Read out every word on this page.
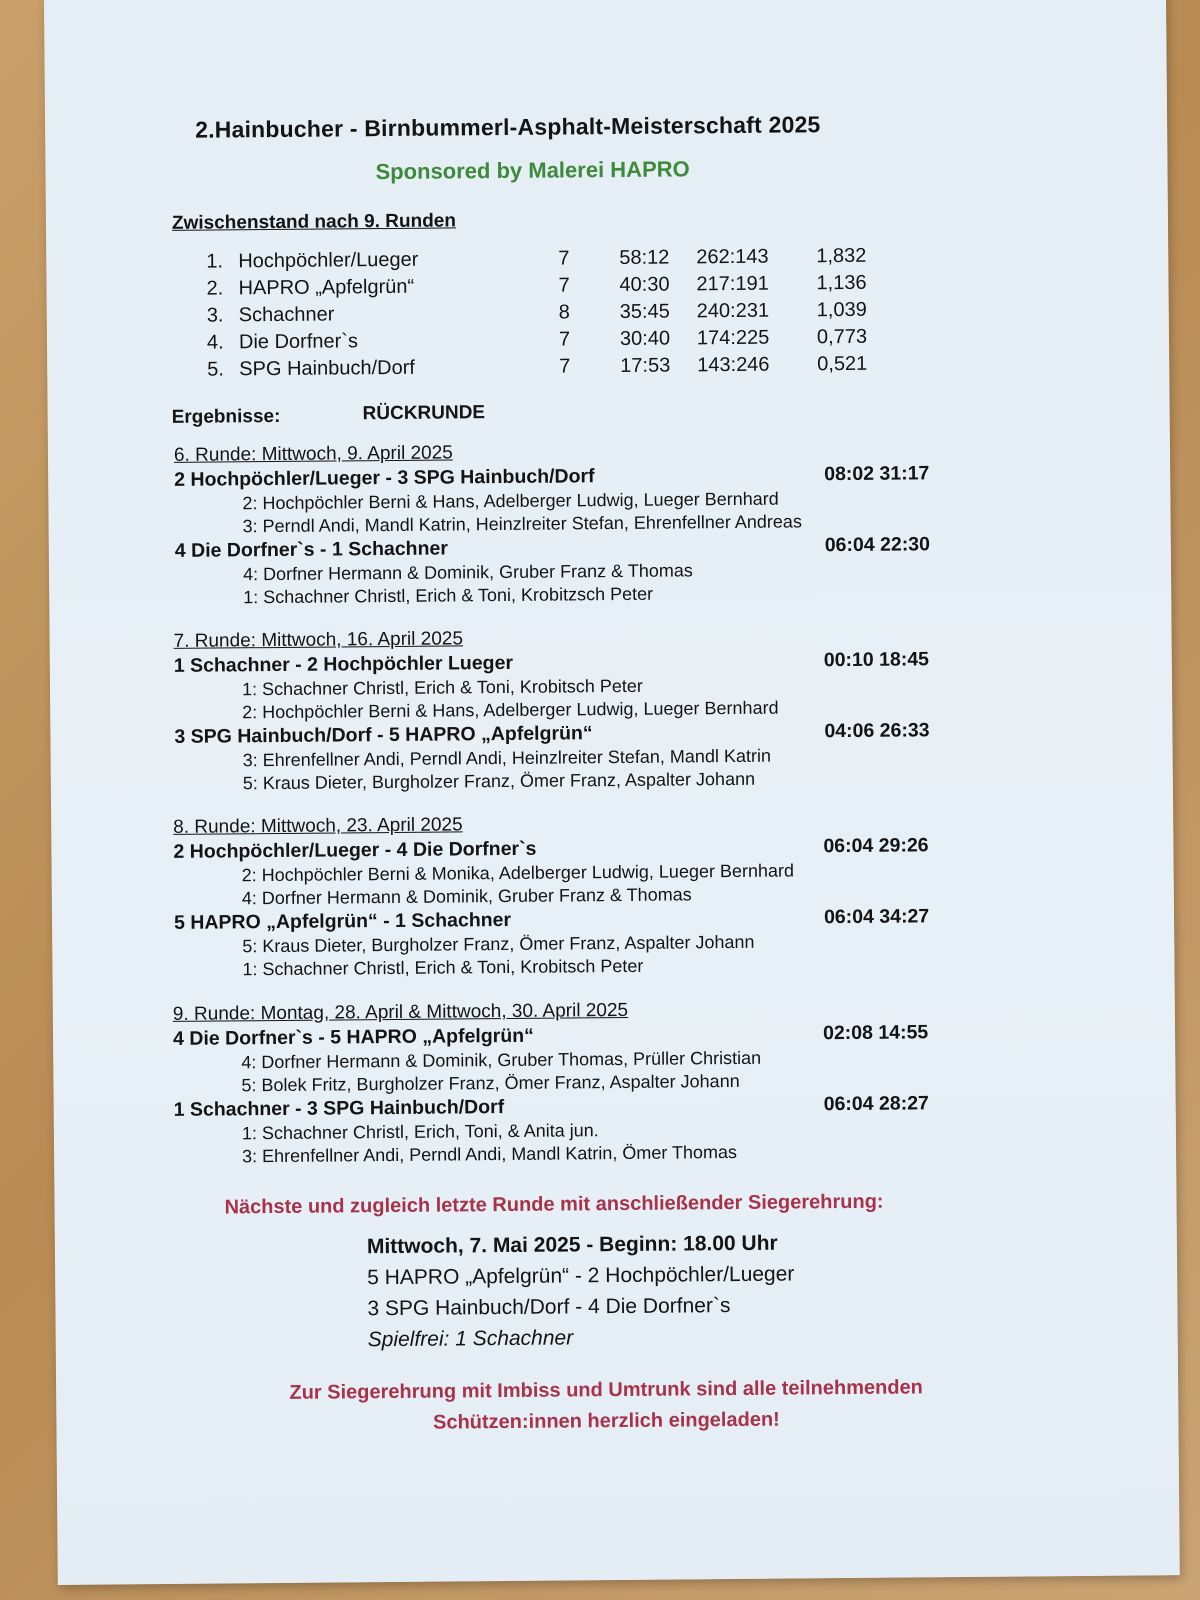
2.Hainbucher - Birnbummerl-Asphalt-Meisterschaft 2025
Sponsored by Malerei HAPRO
Zwischenstand nach 9. Runden
1. Hochpöchler/Lueger	7 58:12 262:143 1,832
2. HAPRO „Apfelgrün“	7 40:30 217:191 1,136
3. Schachner	8 35:45 240:231 1,039
4. Die Dorfner`s	7 30:40 174:225 0,773
5. SPG Hainbuch/Dorf	7 17:53 143:246 0,521
Ergebnisse:	RÜCKRUNDE
6. Runde: Mittwoch, 9. April 2025
2 Hochpöchler/Lueger - 3 SPG Hainbuch/Dorf	08:02 31:17
2: Hochpöchler Berni & Hans, Adelberger Ludwig, Lueger Bernhard
3: Perndl Andi, Mandl Katrin, Heinzlreiter Stefan, Ehrenfellner Andreas
4 Die Dorfner`s - 1 Schachner	06:04 22:30
4: Dorfner Hermann & Dominik, Gruber Franz & Thomas
1: Schachner Christl, Erich & Toni, Krobitzsch Peter
7. Runde: Mittwoch, 16. April 2025
1 Schachner - 2 Hochpöchler Lueger	00:10 18:45
1: Schachner Christl, Erich & Toni, Krobitsch Peter
2: Hochpöchler Berni & Hans, Adelberger Ludwig, Lueger Bernhard
3 SPG Hainbuch/Dorf - 5 HAPRO „Apfelgrün“	04:06 26:33
3: Ehrenfellner Andi, Perndl Andi, Heinzlreiter Stefan, Mandl Katrin
5: Kraus Dieter, Burgholzer Franz, Ömer Franz, Aspalter Johann
8. Runde: Mittwoch, 23. April 2025
2 Hochpöchler/Lueger - 4 Die Dorfner`s	06:04 29:26
2: Hochpöchler Berni & Monika, Adelberger Ludwig, Lueger Bernhard
4: Dorfner Hermann & Dominik, Gruber Franz & Thomas
5 HAPRO „Apfelgrün“ - 1 Schachner	06:04 34:27
5: Kraus Dieter, Burgholzer Franz, Ömer Franz, Aspalter Johann
1: Schachner Christl, Erich & Toni, Krobitsch Peter
9. Runde: Montag, 28. April & Mittwoch, 30. April 2025
4 Die Dorfner`s - 5 HAPRO „Apfelgrün“	02:08 14:55
4: Dorfner Hermann & Dominik, Gruber Thomas, Prüller Christian
5: Bolek Fritz, Burgholzer Franz, Ömer Franz, Aspalter Johann
1 Schachner - 3 SPG Hainbuch/Dorf	06:04 28:27
1: Schachner Christl, Erich, Toni, & Anita jun.
3: Ehrenfellner Andi, Perndl Andi, Mandl Katrin, Ömer Thomas
Nächste und zugleich letzte Runde mit anschließender Siegerehrung:
Mittwoch, 7. Mai 2025 - Beginn: 18.00 Uhr
5 HAPRO „Apfelgrün“ - 2 Hochpöchler/Lueger
3 SPG Hainbuch/Dorf - 4 Die Dorfner`s
Spielfrei: 1 Schachner
Zur Siegerehrung mit Imbiss und Umtrunk sind alle teilnehmenden
Schützen:innen herzlich eingeladen!
